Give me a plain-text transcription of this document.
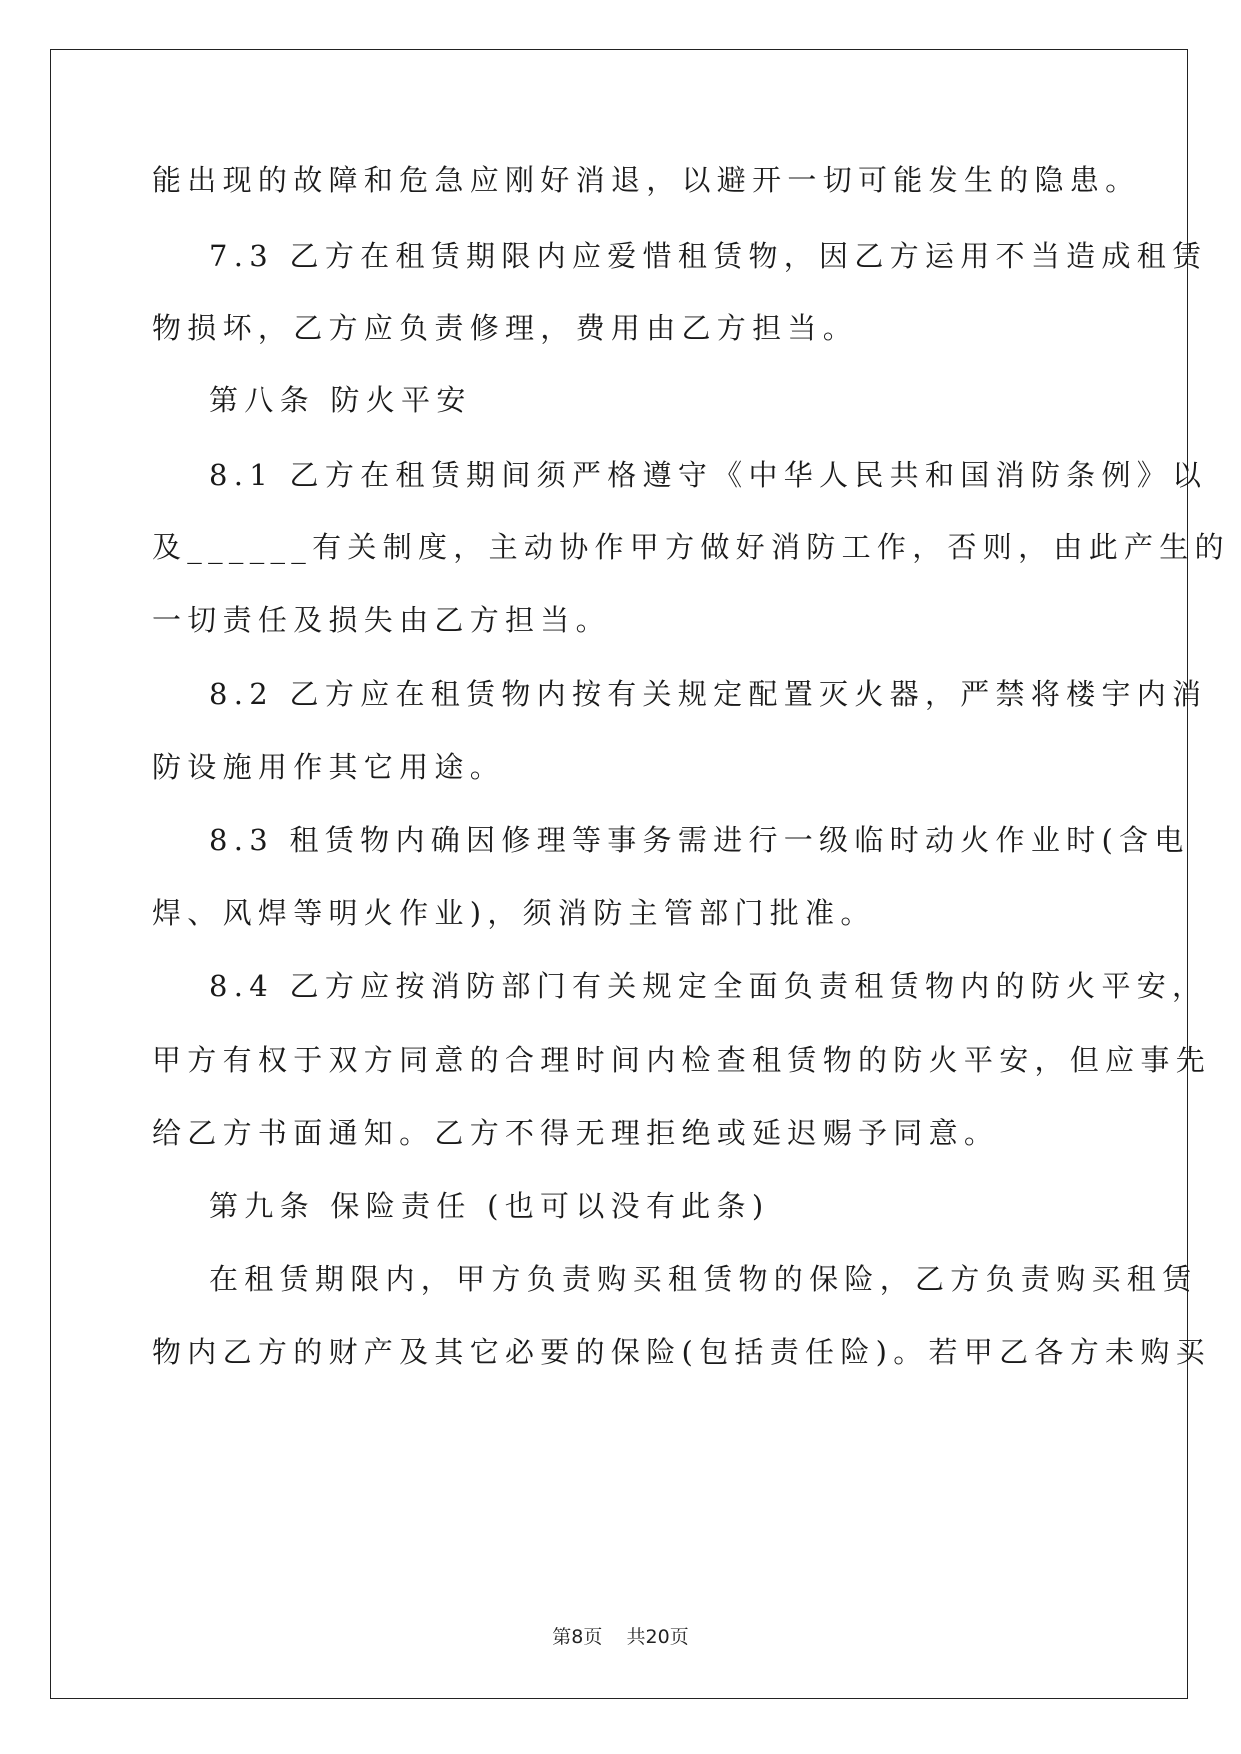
能出现的故障和危急应刚好消退，以避开一切可能发生的隐患。
7.3 乙方在租赁期限内应爱惜租赁物，因乙方运用不当造成租赁
物损坏，乙方应负责修理，费用由乙方担当。
第八条 防火平安
8.1 乙方在租赁期间须严格遵守《中华人民共和国消防条例》以
及______有关制度，主动协作甲方做好消防工作，否则，由此产生的
一切责任及损失由乙方担当。
8.2 乙方应在租赁物内按有关规定配置灭火器，严禁将楼宇内消
防设施用作其它用途。
8.3 租赁物内确因修理等事务需进行一级临时动火作业时(含电
焊、风焊等明火作业)，须消防主管部门批准。
8.4 乙方应按消防部门有关规定全面负责租赁物内的防火平安，
甲方有权于双方同意的合理时间内检查租赁物的防火平安，但应事先
给乙方书面通知。乙方不得无理拒绝或延迟赐予同意。
第九条 保险责任 (也可以没有此条)
在租赁期限内，甲方负责购买租赁物的保险，乙方负责购买租赁
物内乙方的财产及其它必要的保险(包括责任险)。若甲乙各方未购买
第8页 共20页
